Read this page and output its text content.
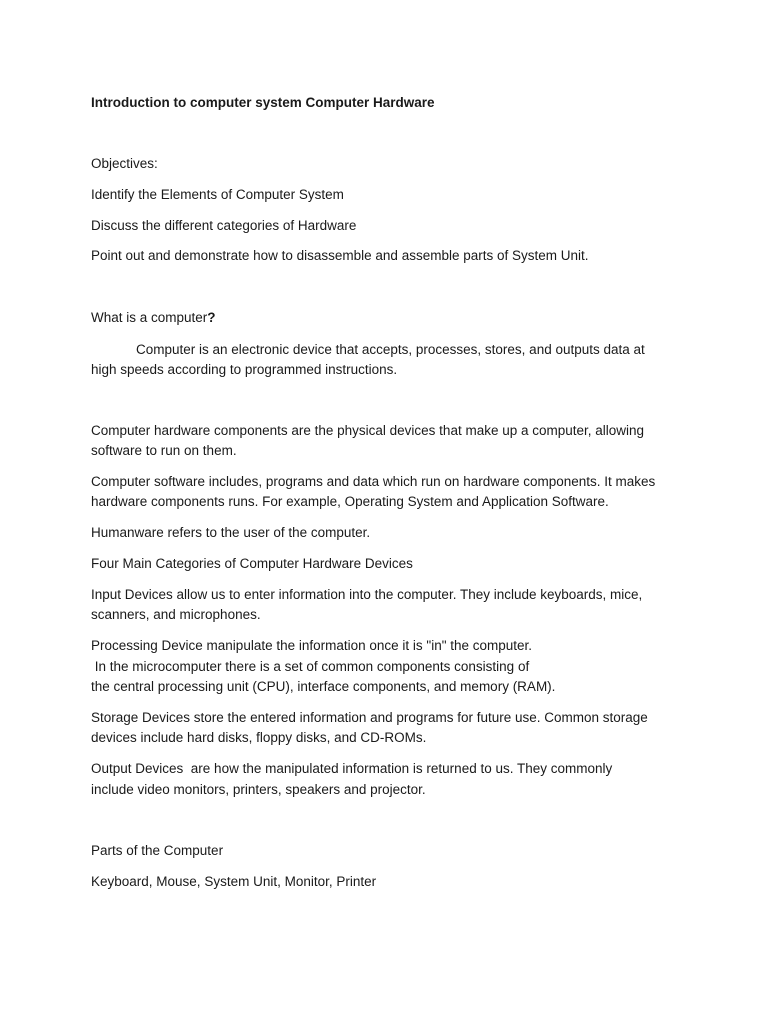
Introduction to computer system Computer Hardware
Objectives:
Identify the Elements of Computer System
Discuss the different categories of Hardware
Point out and demonstrate how to disassemble and assemble parts of System Unit.
What is a computer?
Computer is an electronic device that accepts, processes, stores, and outputs data at
high speeds according to programmed instructions.
Computer hardware components are the physical devices that make up a computer, allowing
software to run on them.
Computer software includes, programs and data which run on hardware components. It makes
hardware components runs. For example, Operating System and Application Software.
Humanware refers to the user of the computer.
Four Main Categories of Computer Hardware Devices
Input Devices allow us to enter information into the computer. They include keyboards, mice,
scanners, and microphones.
Processing Device manipulate the information once it is "in" the computer.
In the microcomputer there is a set of common components consisting of
the central processing unit (CPU), interface components, and memory (RAM).
Storage Devices store the entered information and programs for future use. Common storage
devices include hard disks, floppy disks, and CD-ROMs.
Output Devices  are how the manipulated information is returned to us. They commonly
include video monitors, printers, speakers and projector.
Parts of the Computer
Keyboard, Mouse, System Unit, Monitor, Printer
